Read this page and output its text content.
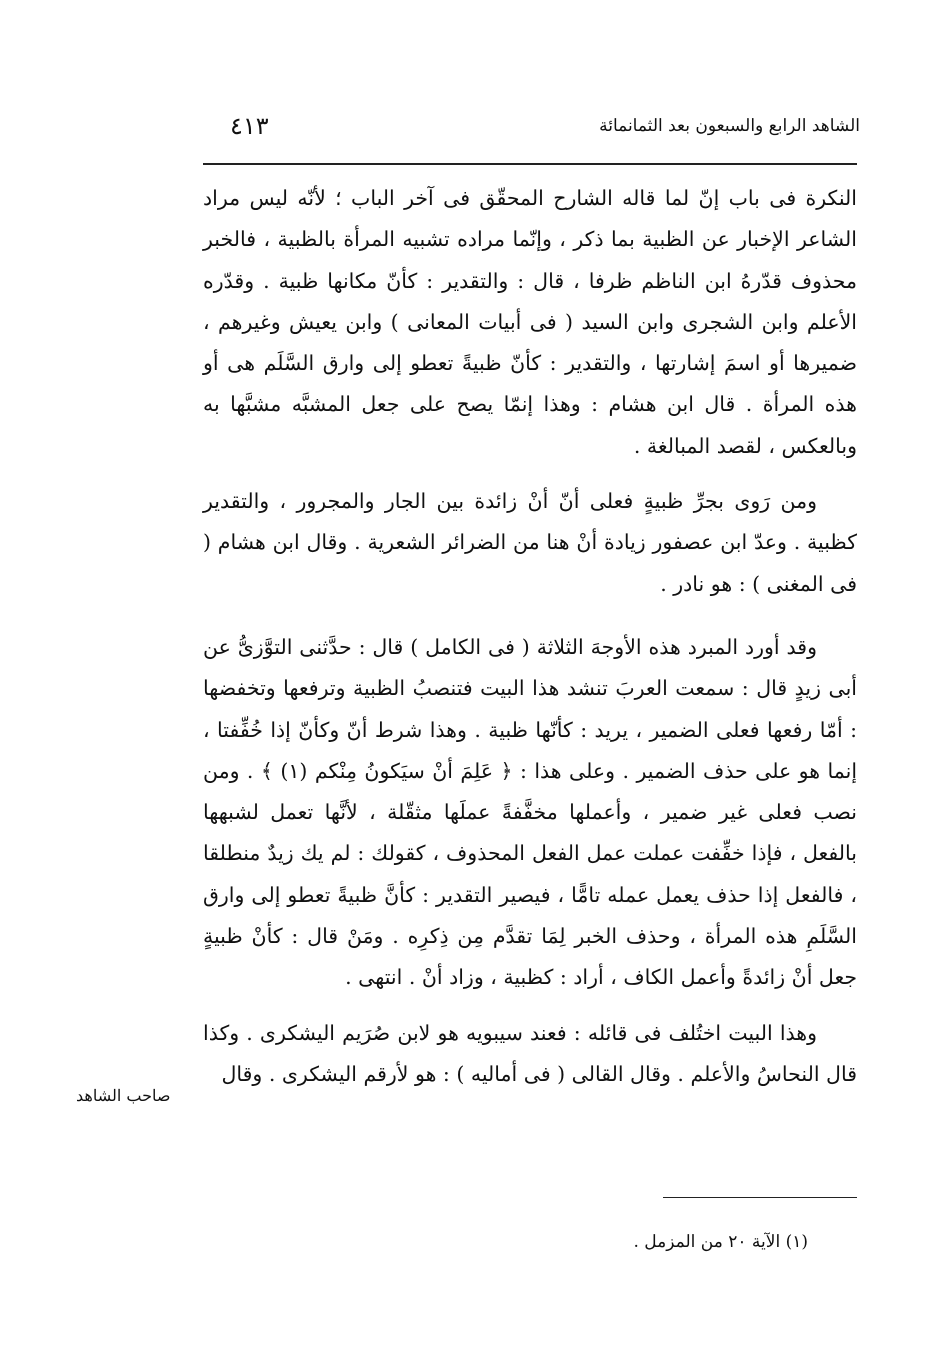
الشاهد الرابع والسبعون بعد الثمانمائة
٤١٣

النكرة فى باب إنّ لما قاله الشارح المحقّق فى آخر الباب ؛ لأنّه ليس مراد الشاعر الإخبار عن الظبية بما ذكر ، وإنّما مراده تشبيه المرأة بالظبية ، فالخبر محذوف قدّرهُ ابن الناظم ظرفا ، قال : والتقدير : كأنّ مكانها ظبية . وقدّره الأعلم وابن الشجرى وابن السيد ( فى أبيات المعانى ) وابن يعيش وغيرهم ، ضميرها أو اسمَ إشارتها ، والتقدير : كأنّ ظبيةً تعطو إلى وارق السَّلَم هى أو هذه المرأة . قال ابن هشام : وهذا إنمّا يصح على جعل المشبَّه مشبَّها به وبالعكس ، لقصد المبالغة .

ومن رَوى بجرِّ ظبيةٍ فعلى أنّ أنْ زائدة بين الجار والمجرور ، والتقدير كظبية . وعدّ ابن عصفور زيادة أنْ هنا من الضرائر الشعرية . وقال ابن هشام ( فى المغنى ) : هو نادر .

وقد أورد المبرد هذه الأوجهَ الثلاثة ( فى الكامل ) قال : حدَّثنى التوَّزىُّ عن أبى زيدٍ قال : سمعت العربَ تنشد هذا البيت فتنصبُ الظبية وترفعها وتخفضها : أمّا رفعها فعلى الضمير ، يريد : كأنّها ظبية . وهذا شرط أنّ وكأنّ إذا خُفِّفتا ، إنما هو على حذف الضمير . وعلى هذا : ﴿ عَلِمَ أنْ سيَكونُ مِنْكم (١) ﴾ . ومن نصب فعلى غير ضمير ، وأعملها مخفَّفةً عملَها مثقّلة ، لأنَّها تعمل لشبهها بالفعل ، فإذا خفِّفت عملت عمل الفعل المحذوف ، كقولك : لم يك زيدٌ منطلقا ، فالفعل إذا حذف يعمل عمله تامًّا ، فيصير التقدير : كأنَّ ظبيةً تعطو إلى وارق السَّلَمِ هذه المرأة ، وحذف الخبر لِمَا تقدَّم مِن ذِكرِه . ومَنْ قال : كأنْ ظبيةٍ جعل أنْ زائدةً وأعمل الكاف ، أراد : كظبية ، وزاد أنْ . انتهى .

وهذا البيت اختُلف فى قائله : فعند سيبويه هو لابن صُرَيم اليشكرى . وكذا قال النحاسُ والأعلم . وقال القالى ( فى أماليه ) : هو لأرقم اليشكرى . وقال

صاحب الشاهد
(١) الآية ٢٠ من المزمل .
